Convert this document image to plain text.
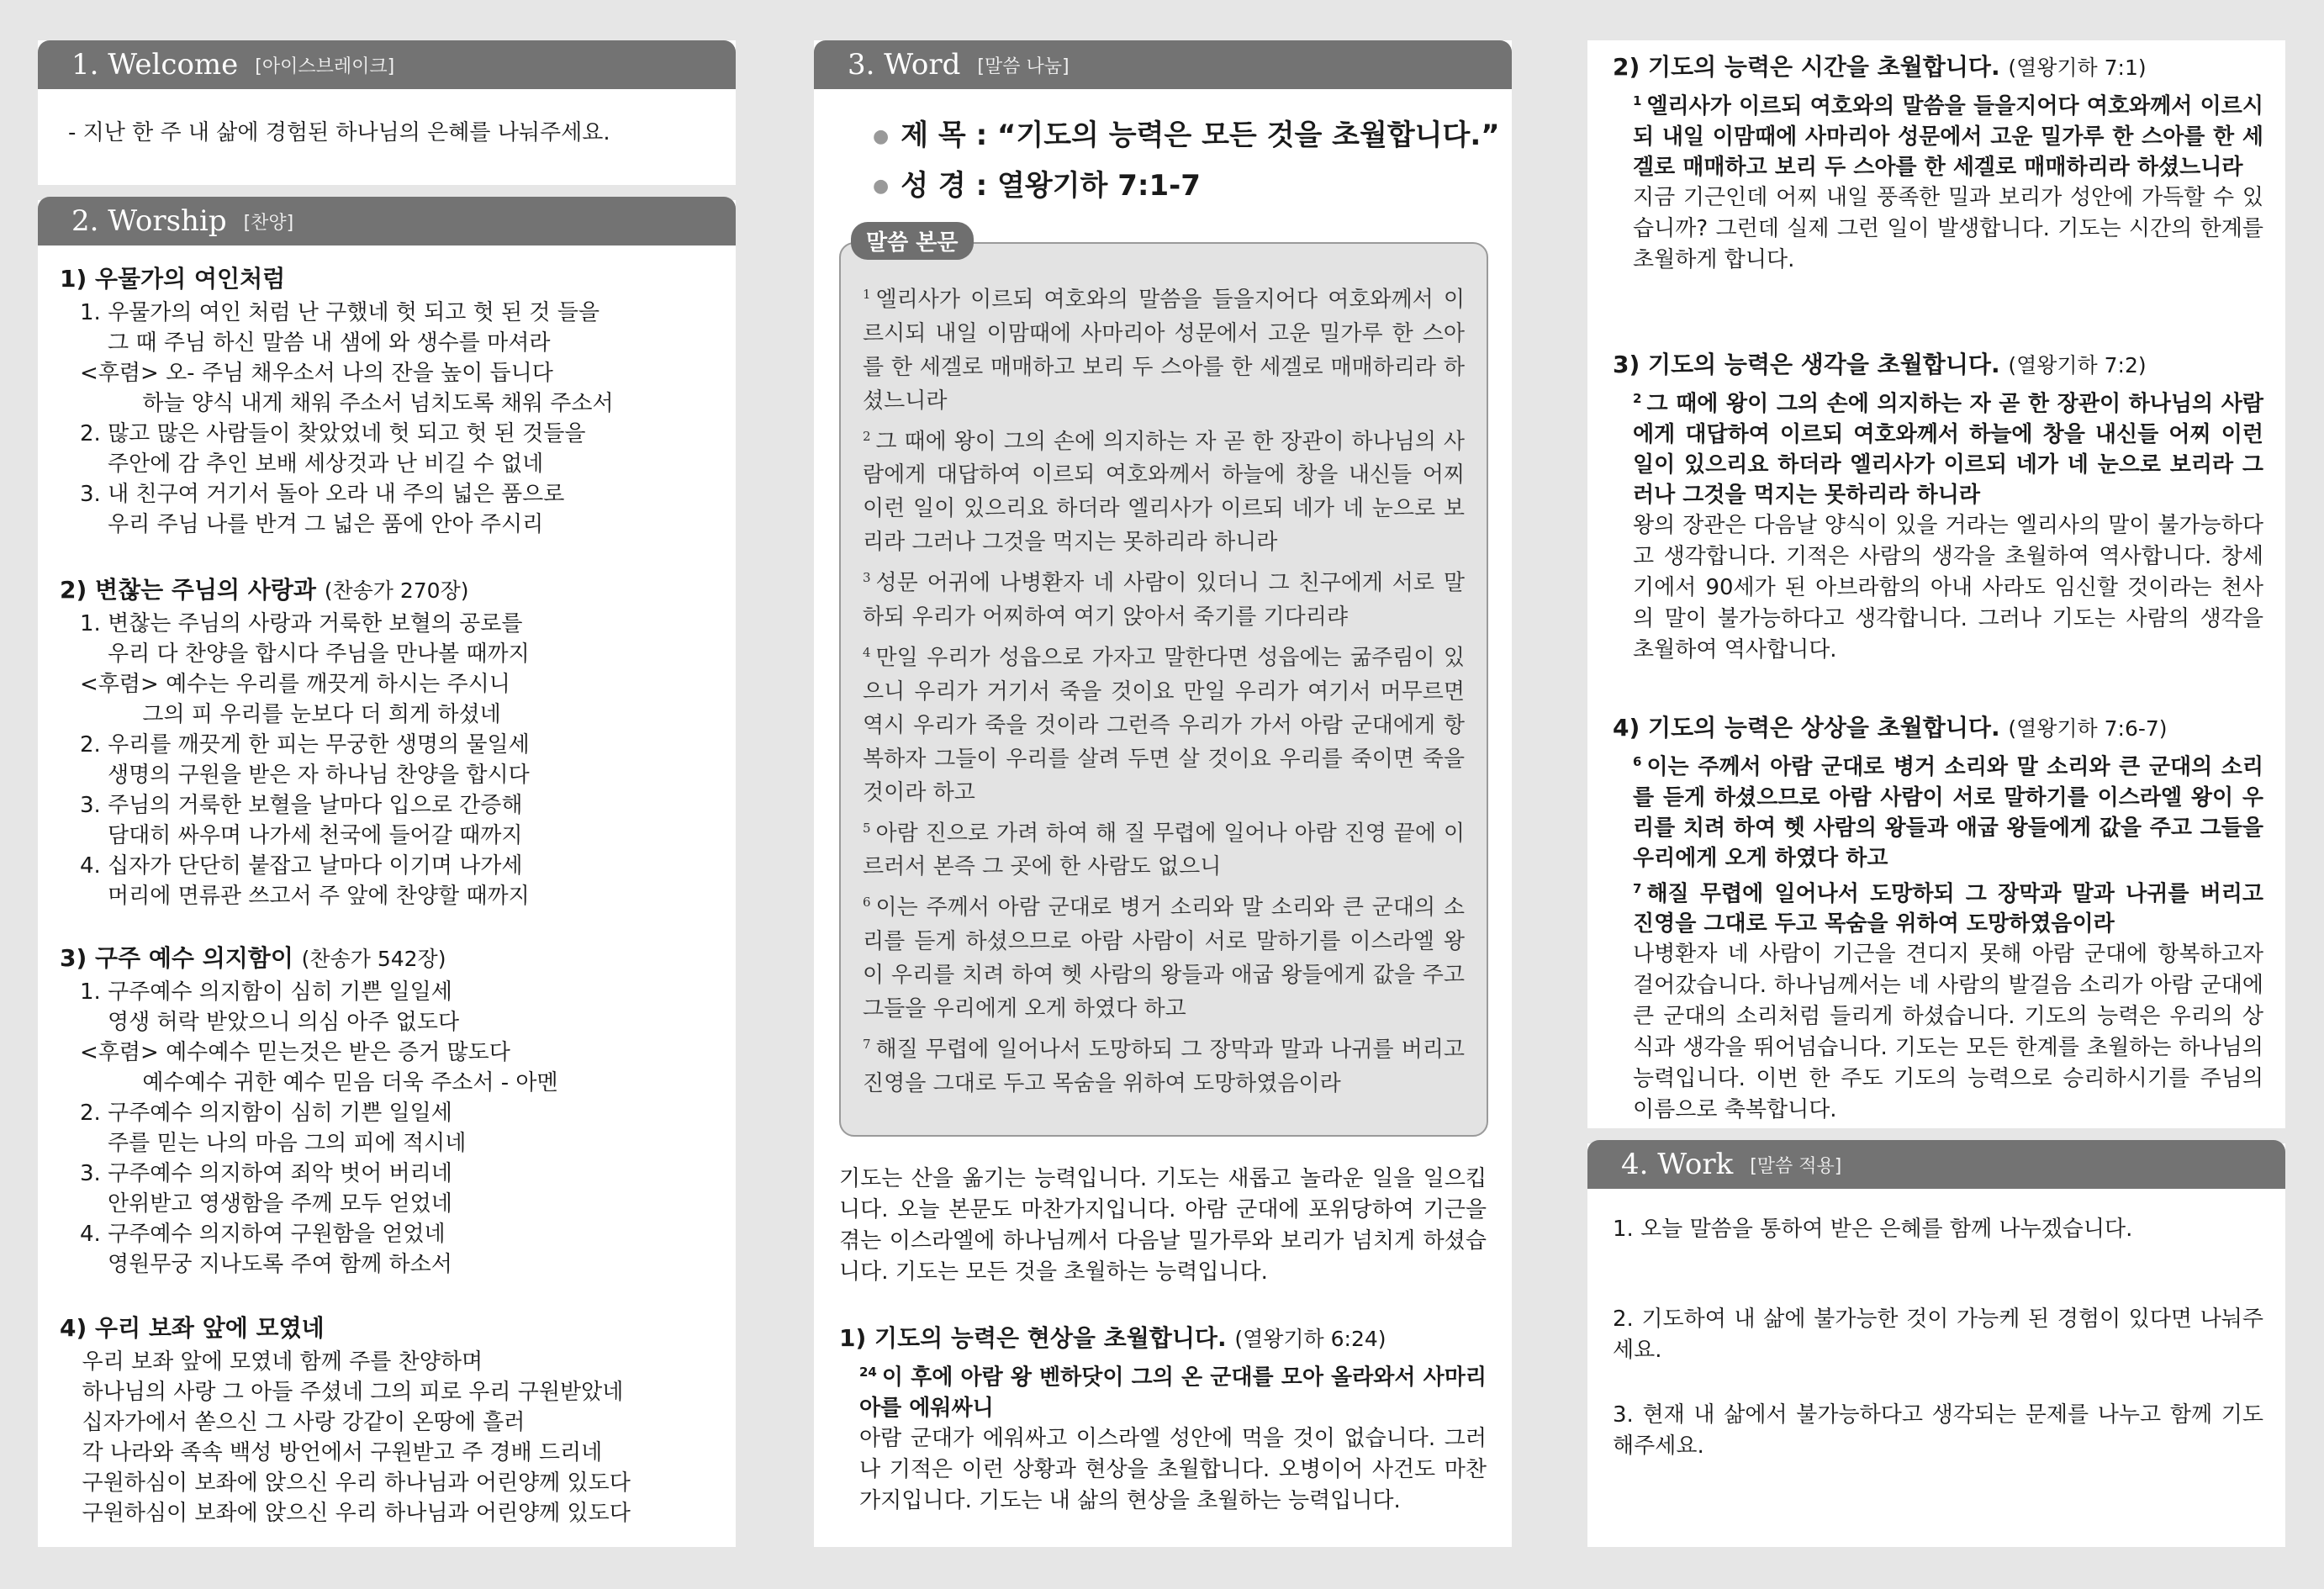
1. Welcome [아이스브레이크]
- 지난 한 주 내 삶에 경험된 하나님의 은혜를 나눠주세요.
2. Worship [찬양]
1) 우물가의 여인처럼
1. 우물가의 여인 처럼 난 구했네 헛 되고 헛 된 것 들을
그 때 주님 하신 말씀 내 샘에 와 생수를 마셔라
<후렴> 오- 주님 채우소서 나의 잔을 높이 듭니다
하늘 양식 내게 채워 주소서 넘치도록 채워 주소서
2. 많고 많은 사람들이 찾았었네 헛 되고 헛 된 것들을
주안에 감 추인 보배 세상것과 난 비길 수 없네
3. 내 친구여 거기서 돌아 오라 내 주의 넓은 품으로
우리 주님 나를 반겨 그 넓은 품에 안아 주시리
2) 변찮는 주님의 사랑과 (찬송가 270장)
1. 변찮는 주님의 사랑과 거룩한 보혈의 공로를
우리 다 찬양을 합시다 주님을 만나볼 때까지
<후렴> 예수는 우리를 깨끗게 하시는 주시니
그의 피 우리를 눈보다 더 희게 하셨네
2. 우리를 깨끗게 한 피는 무궁한 생명의 물일세
생명의 구원을 받은 자 하나님 찬양을 합시다
3. 주님의 거룩한 보혈을 날마다 입으로 간증해
담대히 싸우며 나가세 천국에 들어갈 때까지
4. 십자가 단단히 붙잡고 날마다 이기며 나가세
머리에 면류관 쓰고서 주 앞에 찬양할 때까지
3) 구주 예수 의지함이 (찬송가 542장)
1. 구주예수 의지함이 심히 기쁜 일일세
영생 허락 받았으니 의심 아주 없도다
<후렴> 예수예수 믿는것은 받은 증거 많도다
예수예수 귀한 예수 믿음 더욱 주소서 - 아멘
2. 구주예수 의지함이 심히 기쁜 일일세
주를 믿는 나의 마음 그의 피에 적시네
3. 구주예수 의지하여 죄악 벗어 버리네
안위받고 영생함을 주께 모두 얻었네
4. 구주예수 의지하여 구원함을 얻었네
영원무궁 지나도록 주여 함께 하소서
4) 우리 보좌 앞에 모였네
우리 보좌 앞에 모였네 함께 주를 찬양하며
하나님의 사랑 그 아들 주셨네 그의 피로 우리 구원받았네
십자가에서 쏟으신 그 사랑 강같이 온땅에 흘러
각 나라와 족속 백성 방언에서 구원받고 주 경배 드리네
구원하심이 보좌에 앉으신 우리 하나님과 어린양께 있도다
구원하심이 보좌에 앉으신 우리 하나님과 어린양께 있도다
3. Word [말씀 나눔]
● 제 목 : “기도의 능력은 모든 것을 초월합니다.”
● 성 경 : 열왕기하 7:1-7
$^1$ 엘리사가 이르되 여호와의 말씀을 들을지어다 여호와께서 이르시되 내일 이맘때에 사마리아 성문에서 고운 밀가루 한 스아를 한 세겔로 매매하고 보리 두 스아를 한 세겔로 매매하리라 하셨느니라
$^2$ 그 때에 왕이 그의 손에 의지하는 자 곧 한 장관이 하나님의 사람에게 대답하여 이르되 여호와께서 하늘에 창을 내신들 어찌 이런 일이 있으리요 하더라 엘리사가 이르되 네가 네 눈으로 보리라 그러나 그것을 먹지는 못하리라 하니라
$^3$ 성문 어귀에 나병환자 네 사람이 있더니 그 친구에게 서로 말하되 우리가 어찌하여 여기 앉아서 죽기를 기다리랴
$^4$ 만일 우리가 성읍으로 가자고 말한다면 성읍에는 굶주림이 있으니 우리가 거기서 죽을 것이요 만일 우리가 여기서 머무르면 역시 우리가 죽을 것이라 그런즉 우리가 가서 아람 군대에게 항복하자 그들이 우리를 살려 두면 살 것이요 우리를 죽이면 죽을 것이라 하고
$^5$ 아람 진으로 가려 하여 해 질 무렵에 일어나 아람 진영 끝에 이르러서 본즉 그 곳에 한 사람도 없으니
$^6$ 이는 주께서 아람 군대로 병거 소리와 말 소리와 큰 군대의 소리를 듣게 하셨으므로 아람 사람이 서로 말하기를 이스라엘 왕이 우리를 치려 하여 헷 사람의 왕들과 애굽 왕들에게 값을 주고 그들을 우리에게 오게 하였다 하고
$^7$ 해질 무렵에 일어나서 도망하되 그 장막과 말과 나귀를 버리고 진영을 그대로 두고 목숨을 위하여 도망하였음이라
말씀 본문
기도는 산을 옮기는 능력입니다. 기도는 새롭고 놀라운 일을 일으킵니다. 오늘 본문도 마찬가지입니다. 아람 군대에 포위당하여 기근을 겪는 이스라엘에 하나님께서 다음날 밀가루와 보리가 넘치게 하셨습니다. 기도는 모든 것을 초월하는 능력입니다.
1) 기도의 능력은 현상을 초월합니다. (열왕기하 6:24)
$^{24}$ 이 후에 아람 왕 벤하닷이 그의 온 군대를 모아 올라와서 사마리아를 에워싸니
아람 군대가 에워싸고 이스라엘 성안에 먹을 것이 없습니다. 그러나 기적은 이런 상황과 현상을 초월합니다. 오병이어 사건도 마찬가지입니다. 기도는 내 삶의 현상을 초월하는 능력입니다.
2) 기도의 능력은 시간을 초월합니다. (열왕기하 7:1)
$^1$ 엘리사가 이르되 여호와의 말씀을 들을지어다 여호와께서 이르시되 내일 이맘때에 사마리아 성문에서 고운 밀가루 한 스아를 한 세겔로 매매하고 보리 두 스아를 한 세겔로 매매하리라 하셨느니라
지금 기근인데 어찌 내일 풍족한 밀과 보리가 성안에 가득할 수 있습니까? 그런데 실제 그런 일이 발생합니다. 기도는 시간의 한계를 초월하게 합니다.
3) 기도의 능력은 생각을 초월합니다. (열왕기하 7:2)
$^2$ 그 때에 왕이 그의 손에 의지하는 자 곧 한 장관이 하나님의 사람에게 대답하여 이르되 여호와께서 하늘에 창을 내신들 어찌 이런 일이 있으리요 하더라 엘리사가 이르되 네가 네 눈으로 보리라 그러나 그것을 먹지는 못하리라 하니라
왕의 장관은 다음날 양식이 있을 거라는 엘리사의 말이 불가능하다고 생각합니다. 기적은 사람의 생각을 초월하여 역사합니다. 창세기에서 90세가 된 아브라함의 아내 사라도 임신할 것이라는 천사의 말이 불가능하다고 생각합니다. 그러나 기도는 사람의 생각을 초월하여 역사합니다.
4) 기도의 능력은 상상을 초월합니다. (열왕기하 7:6-7)
$^6$ 이는 주께서 아람 군대로 병거 소리와 말 소리와 큰 군대의 소리를 듣게 하셨으므로 아람 사람이 서로 말하기를 이스라엘 왕이 우리를 치려 하여 헷 사람의 왕들과 애굽 왕들에게 값을 주고 그들을 우리에게 오게 하였다 하고
$^7$ 해질 무렵에 일어나서 도망하되 그 장막과 말과 나귀를 버리고 진영을 그대로 두고 목숨을 위하여 도망하였음이라
나병환자 네 사람이 기근을 견디지 못해 아람 군대에 항복하고자 걸어갔습니다. 하나님께서는 네 사람의 발걸음 소리가 아람 군대에 큰 군대의 소리처럼 들리게 하셨습니다. 기도의 능력은 우리의 상식과 생각을 뛰어넘습니다. 기도는 모든 한계를 초월하는 하나님의 능력입니다. 이번 한 주도 기도의 능력으로 승리하시기를 주님의 이름으로 축복합니다.
4. Work [말씀 적용]
1. 오늘 말씀을 통하여 받은 은혜를 함께 나누겠습니다.
2. 기도하여 내 삶에 불가능한 것이 가능케 된 경험이 있다면 나눠주세요.
3. 현재 내 삶에서 불가능하다고 생각되는 문제를 나누고 함께 기도해주세요.
